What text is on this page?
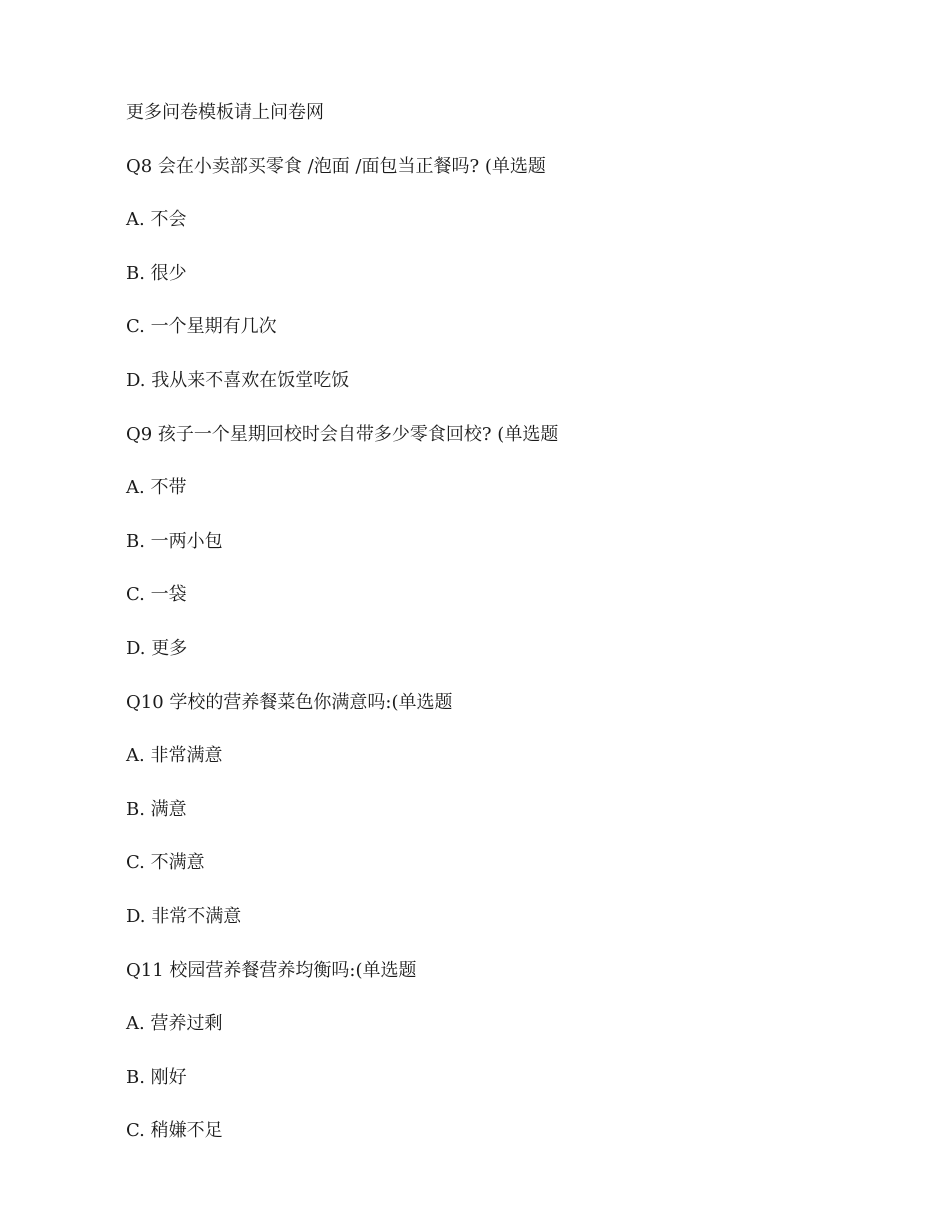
更多问卷模板请上问卷网
Q8 会在小卖部买零食 /泡面 /面包当正餐吗? (单选题
A. 不会
B. 很少
C. 一个星期有几次
D. 我从来不喜欢在饭堂吃饭
Q9 孩子一个星期回校时会自带多少零食回校? (单选题
A. 不带
B. 一两小包
C. 一袋
D. 更多
Q10 学校的营养餐菜色你满意吗:(单选题
A. 非常满意
B. 满意
C. 不满意
D. 非常不满意
Q11 校园营养餐营养均衡吗:(单选题
A. 营养过剩
B. 刚好
C. 稍嫌不足
